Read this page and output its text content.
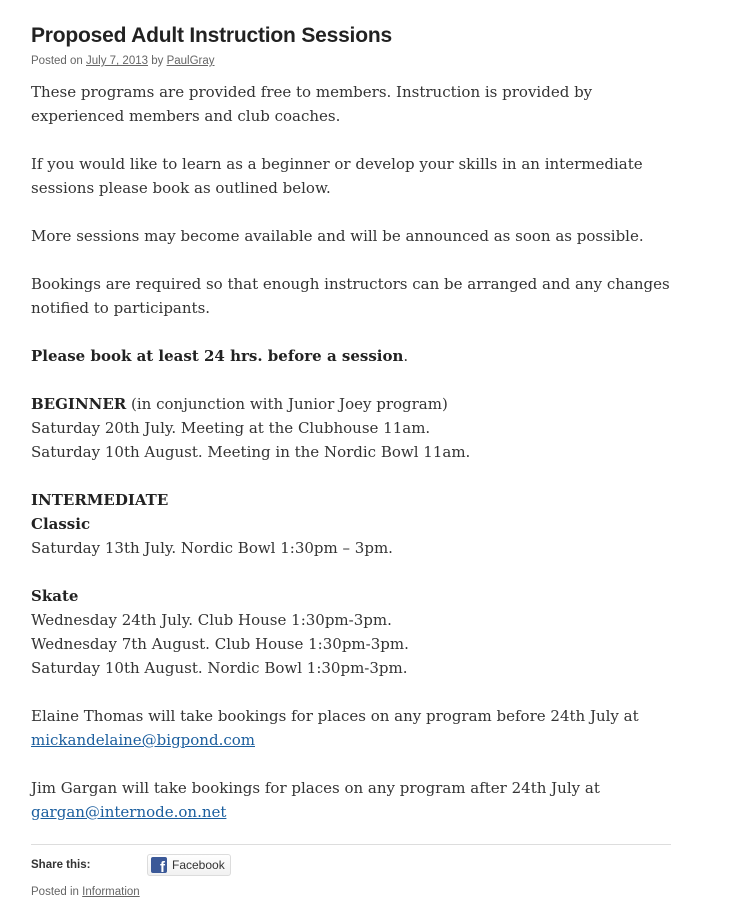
Proposed Adult Instruction Sessions
Posted on July 7, 2013 by PaulGray

These programs are provided free to members. Instruction is provided by experienced members and club coaches.

If you would like to learn as a beginner or develop your skills in an intermediate sessions please book as outlined below.

More sessions may become available and will be announced as soon as possible.

Bookings are required so that enough instructors can be arranged and any changes notified to participants.

Please book at least 24 hrs. before a session.

BEGINNER (in conjunction with Junior Joey program)
Saturday 20th July. Meeting at the Clubhouse 11am.
Saturday 10th August. Meeting in the Nordic Bowl 11am.

INTERMEDIATE
Classic
Saturday 13th July. Nordic Bowl 1:30pm – 3pm.

Skate
Wednesday 24th July. Club House 1:30pm-3pm.
Wednesday 7th August. Club House 1:30pm-3pm.
Saturday 10th August. Nordic Bowl 1:30pm-3pm.

Elaine Thomas will take bookings for places on any program before 24th July at
mickandelaine@bigpond.com

Jim Gargan will take bookings for places on any program after 24th July at
gargan@internode.on.net

Share this:	f Facebook
Posted in Information
